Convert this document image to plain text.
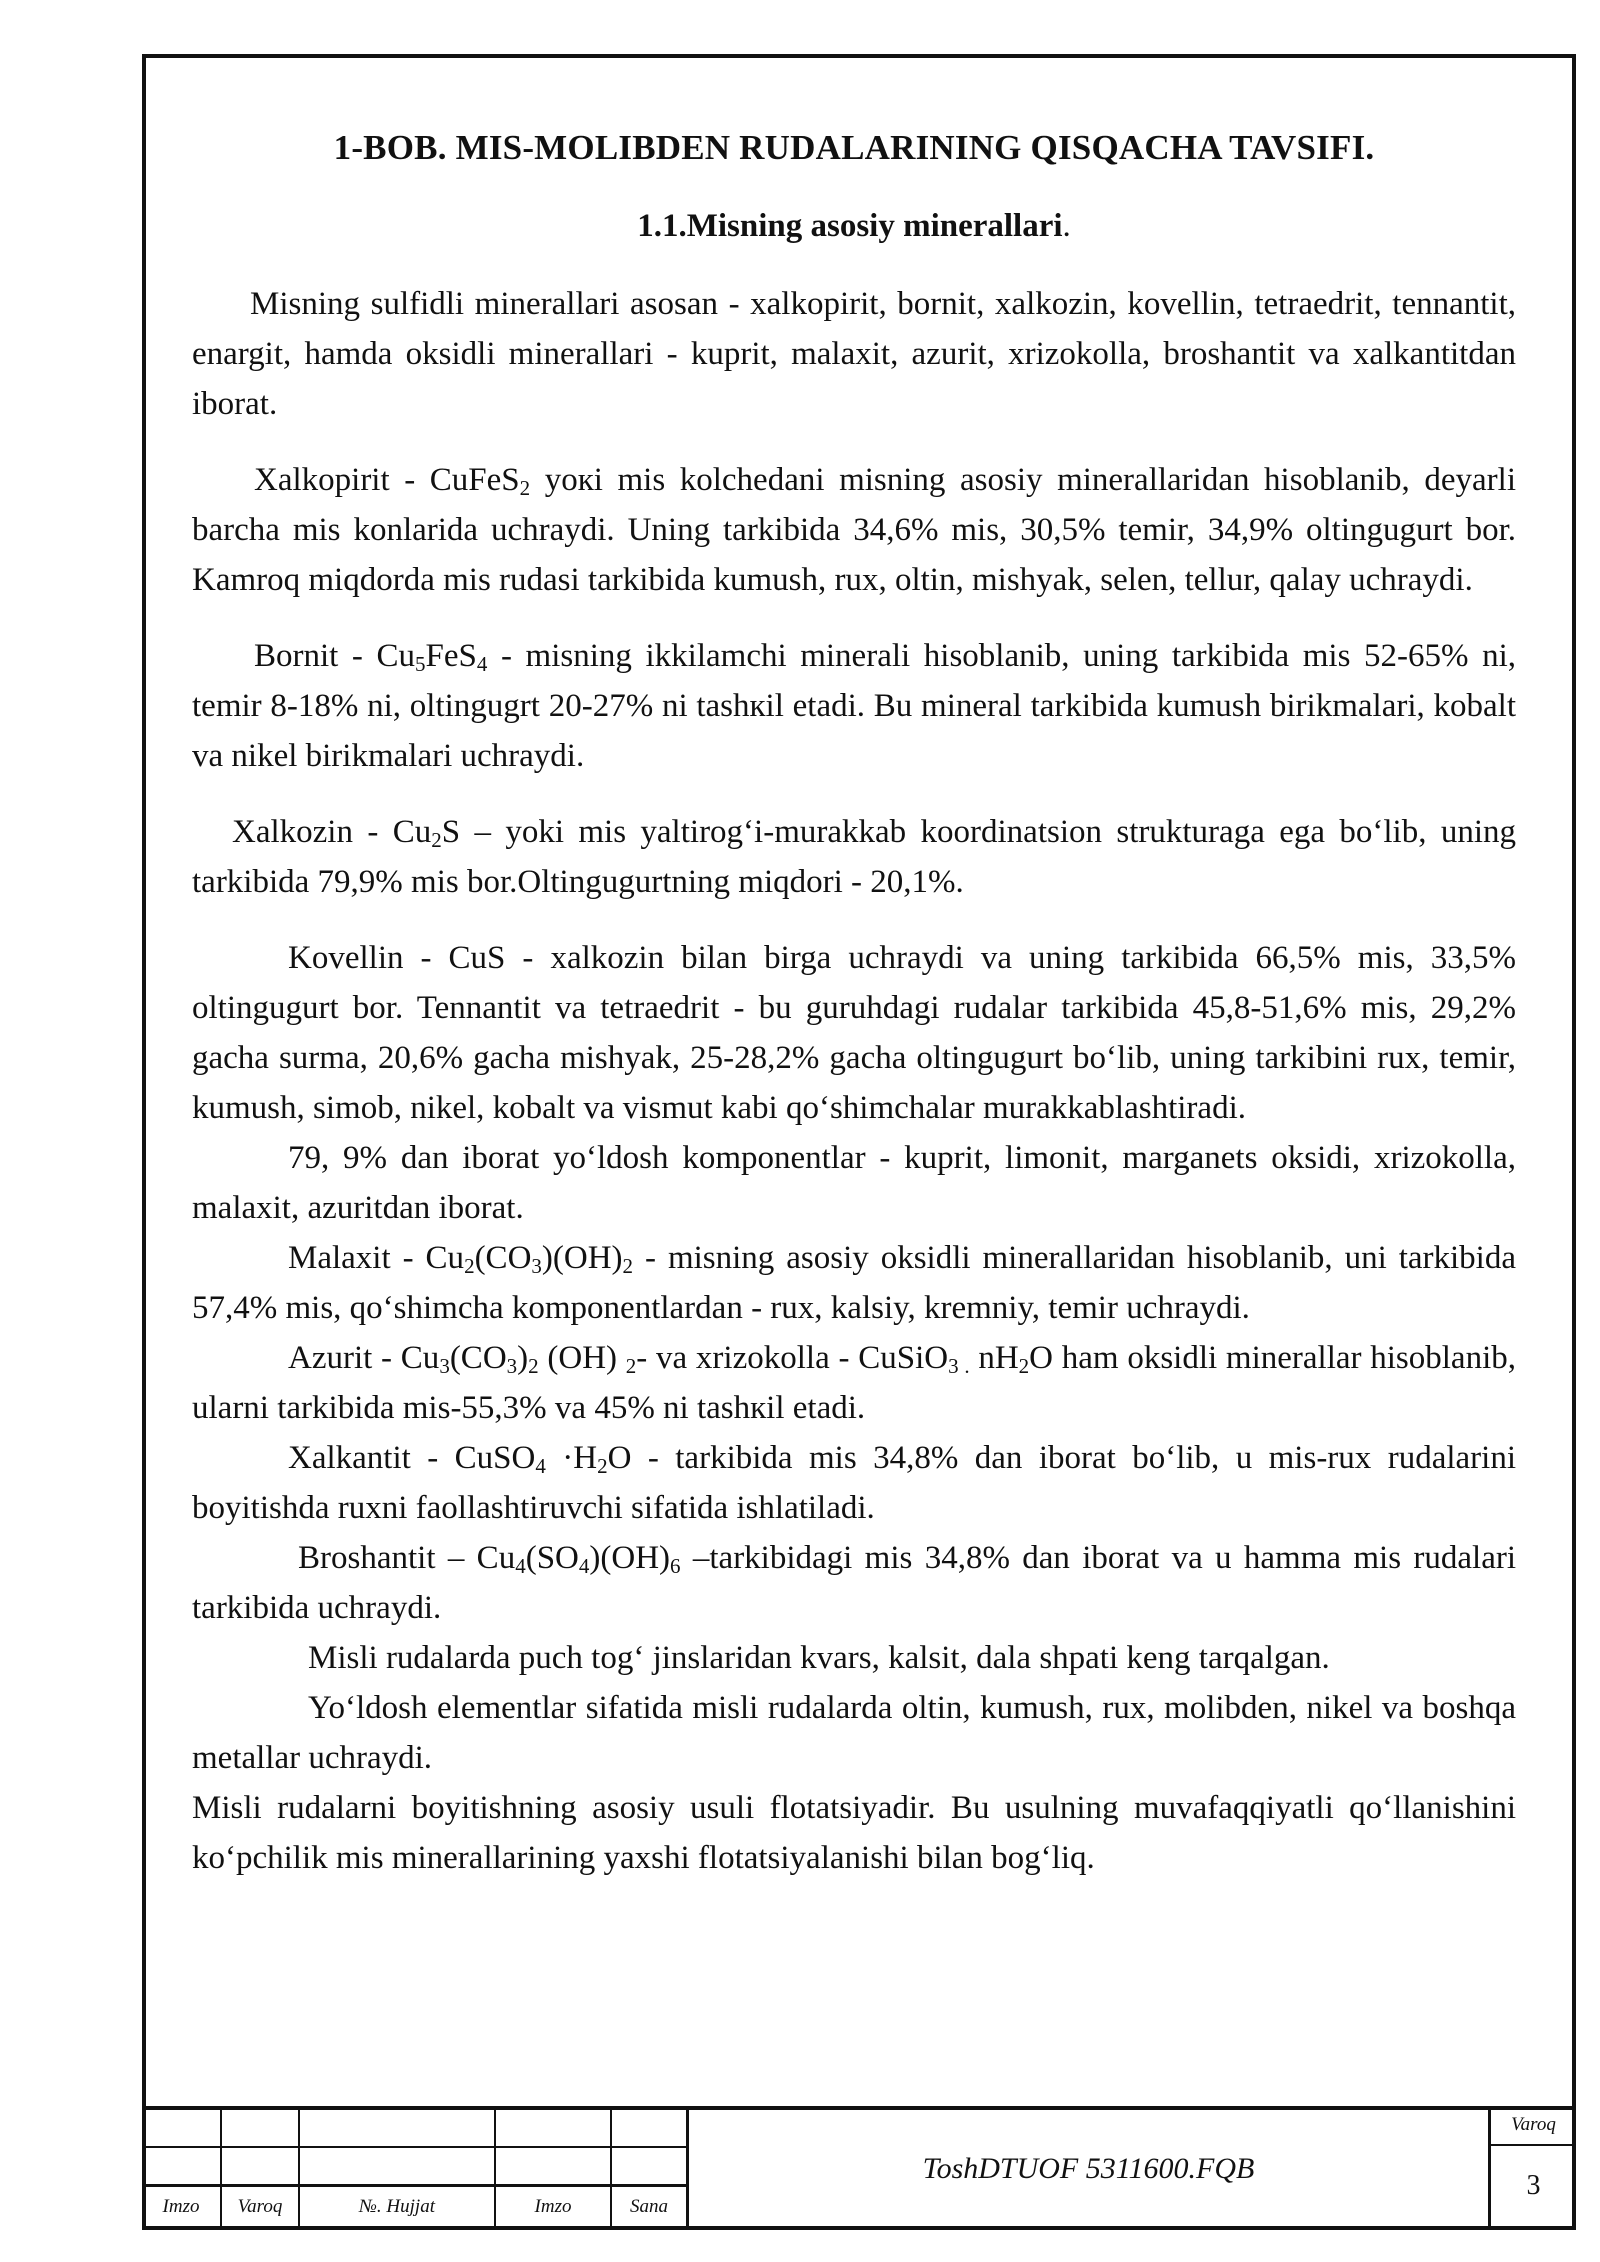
1-BOB. MIS-MOLIBDEN RUDALARINING QISQACHA TAVSIFI.
1.1.Misning asosiy minerallari.

Misning sulfidli minerallari asosan - xalkopirit, bornit, xalkozin, kovellin, tetraedrit, tennantit, enargit, hamda oksidli minerallari - kuprit, malaxit, azurit, xrizokolla, broshantit va xalkantitdan iborat.

Xalkopirit - CuFeS$_2$ yoкi mis kolchedani misning asosiy minerallaridan hisoblanib, deyarli barcha mis konlarida uchraydi. Uning tarkibida 34,6% mis, 30,5% temir, 34,9% oltingugurt bor. Kamroq miqdorda mis rudasi tarkibida kumush, rux, oltin, mishyak, selen, tellur, qalay uchraydi.

Bornit - $Cu_5FeS_4$ - misning ikkilamchi minerali hisoblanib, uning tarkibida mis 52-65% ni, temir 8-18% ni, oltingugrt 20-27% ni tashкil etadi. Bu mineral tarkibida kumush birikmalari, kobalt va nikel birikmalari uchraydi.

Xalkozin - $Cu_2S$ – yoki mis yaltirog‘i-murakkab koordinatsion strukturaga ega bo‘lib, uning tarkibida 79,9% mis bor.Oltingugurtning miqdori - 20,1%.

Kovellin - CuS - xalkozin bilan birga uchraydi va uning tarkibida 66,5% mis, 33,5% oltingugurt bor. Tennantit va tetraedrit - bu guruhdagi rudalar tarkibida 45,8-51,6% mis, 29,2% gacha surma, 20,6% gacha mishyak, 25-28,2% gacha oltingugurt bo‘lib, uning tarkibini rux, temir, kumush, simob, nikel, kobalt va vismut kabi qo‘shimchalar murakkablashtiradi.

79, 9% dan iborat yo‘ldosh komponentlar - kuprit, limonit, marganets oksidi, xrizokolla, malaxit, azuritdan iborat.

Malaxit - $Cu_2(CO_3)(OH)_2$ - misning asosiy oksidli minerallaridan hisoblanib, uni tarkibida 57,4% mis, qo‘shimcha komponentlardan - rux, kalsiy, kremniy, temir uchraydi.

Azurit - $Cu_3(CO_3)_2$ (OH) $_2$- va xrizokolla - CuSiO$_{3 .}$ $nH_2O$ ham oksidli minerallar hisoblanib, ularni tarkibida mis-55,3% va 45% ni tashкil etadi.

Xalkantit - CuSO$_4$ $\cdot H_2O$ - tarkibida mis 34,8% dan iborat bo‘lib, u mis-rux rudalarini boyitishda ruxni faollashtiruvchi sifatida ishlatiladi.

Broshantit – $Cu_4(SO_4)(OH)_6$ –tarkibidagi mis 34,8% dan iborat va u hamma mis rudalari tarkibida uchraydi.

Misli rudalarda puch tog‘ jinslaridan kvars, kalsit, dala shpati keng tarqalgan.

Yo‘ldosh elementlar sifatida misli rudalarda oltin, kumush, rux, molibden, nikel va boshqa metallar uchraydi.

Misli rudalarni boyitishning asosiy usuli flotatsiyadir. Bu usulning muvafaqqiyatli qo‘llanishini ko‘pchilik mis minerallarining yaxshi flotatsiyalanishi bilan bog‘liq.

Imzo	Varoq	№. Hujjat	Imzo	Sana
ToshDTUOF 5311600.FQB
Varoq
3
